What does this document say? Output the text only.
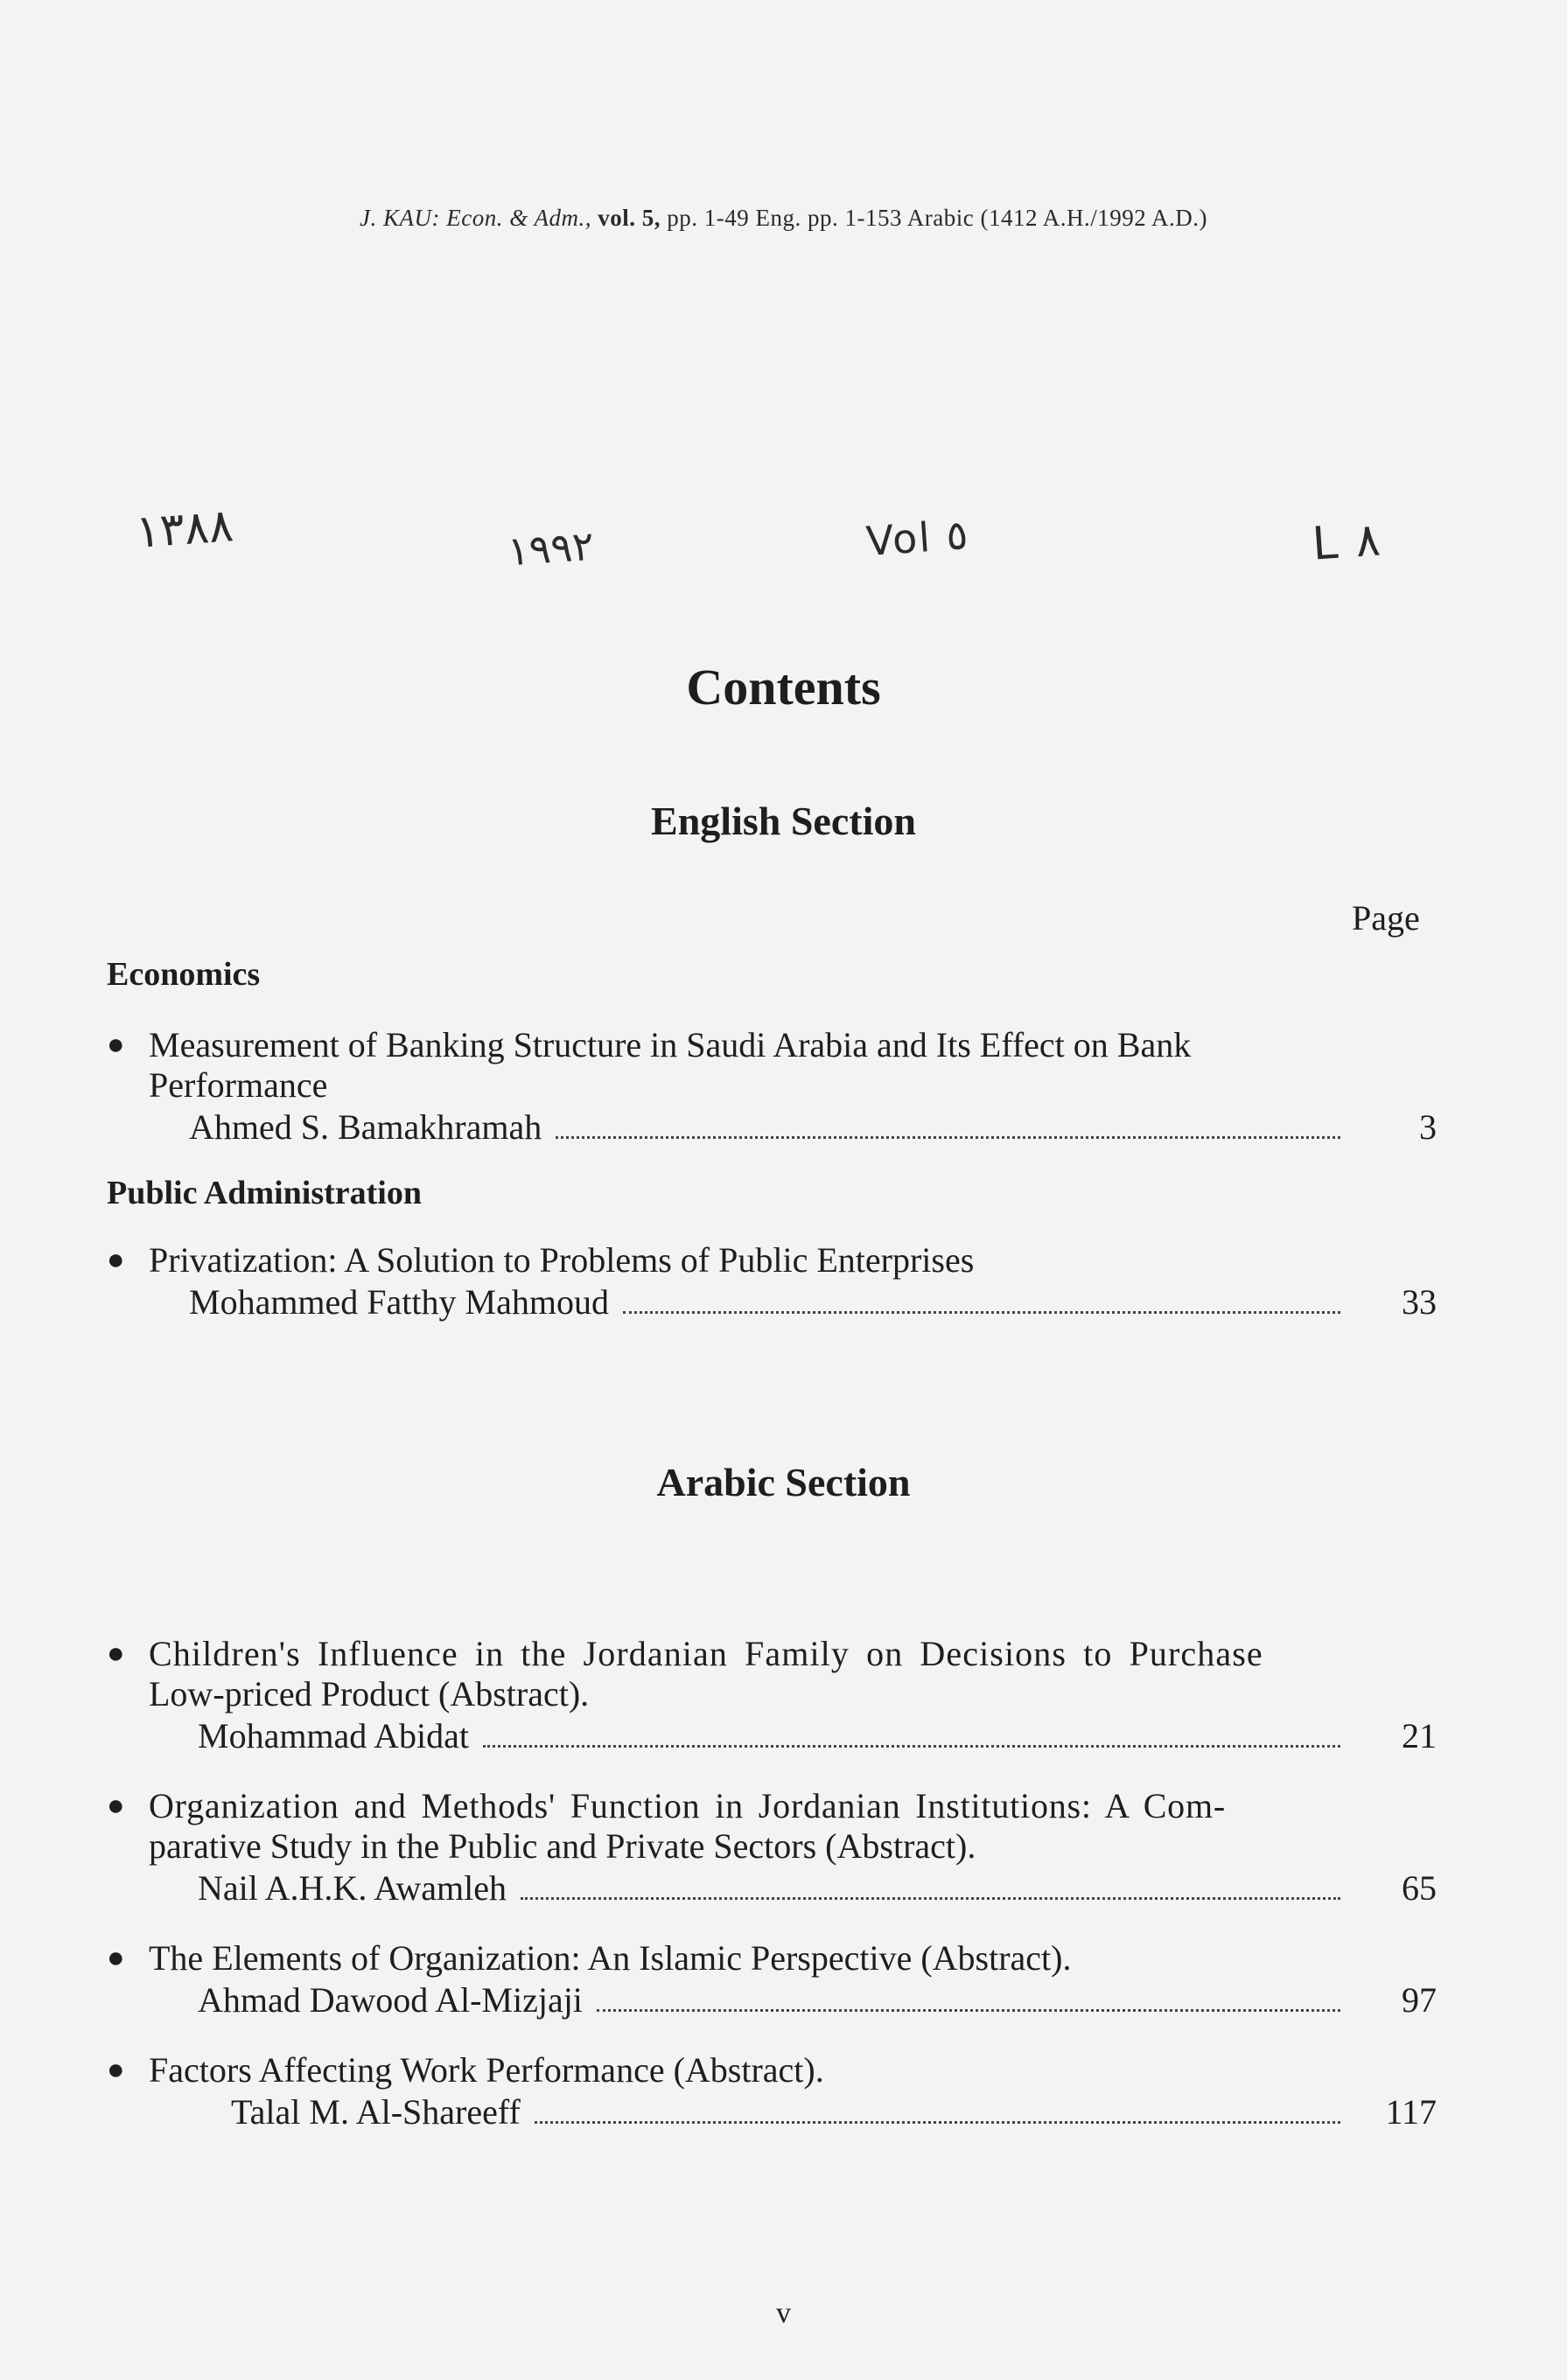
J. KAU: Econ. & Adm., vol. 5, pp. 1-49 Eng. pp. 1-153 Arabic (1412 A.H./1992 A.D.)
١٣٨٨	١٩٩٢	Vol ٥	L ٨
Contents
English Section
Page
Economics
● Measurement of Banking Structure in Saudi Arabia and Its Effect on Bank
Performance
Ahmed S. Bamakhramah	3
Public Administration
● Privatization: A Solution to Problems of Public Enterprises
Mohammed Fatthy Mahmoud	33
Arabic Section
● Children's Influence in the Jordanian Family on Decisions to Purchase
Low-priced Product (Abstract).
Mohammad Abidat	21
● Organization and Methods' Function in Jordanian Institutions: A Com-
parative Study in the Public and Private Sectors (Abstract).
Nail A.H.K. Awamleh	65
● The Elements of Organization: An Islamic Perspective (Abstract).
Ahmad Dawood Al-Mizjaji	97
● Factors Affecting Work Performance (Abstract).
Talal M. Al-Shareeff	117
v
